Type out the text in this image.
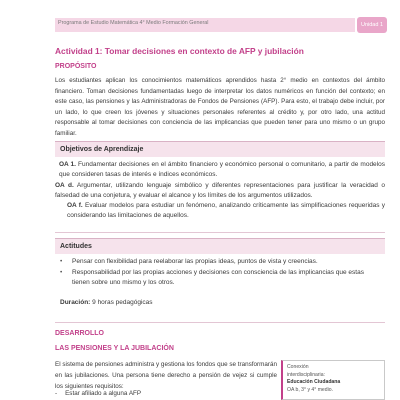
Programa de Estudio Matemática 4° Medio Formación General	Unidad 1
Actividad 1: Tomar decisiones en contexto de AFP y jubilación
PROPÓSITO
Los estudiantes aplican los conocimientos matemáticos aprendidos hasta 2° medio en contextos del ámbito financiero. Toman decisiones fundamentadas luego de interpretar los datos numéricos en función del contexto; en este caso, las pensiones y las Administradoras de Fondos de Pensiones (AFP). Para esto, el trabajo debe incluir, por un lado, lo que creen los jóvenes y situaciones personales referentes al crédito y, por otro lado, una actitud responsable al tomar decisiones con conciencia de las implicancias que pueden tener para uno mismo o un grupo familiar.
Objetivos de Aprendizaje
OA 1. Fundamentar decisiones en el ámbito financiero y económico personal o comunitario, a partir de modelos que consideren tasas de interés e índices económicos.
OA d. Argumentar, utilizando lenguaje simbólico y diferentes representaciones para justificar la veracidad o falsedad de una conjetura, y evaluar el alcance y los límites de los argumentos utilizados.
OA f. Evaluar modelos para estudiar un fenómeno, analizando críticamente las simplificaciones requeridas y considerando las limitaciones de aquellos.
Actitudes
• Pensar con flexibilidad para reelaborar las propias ideas, puntos de vista y creencias.
• Responsabilidad por las propias acciones y decisiones con consciencia de las implicancias que estas tienen sobre uno mismo y los otros.
Duración: 9 horas pedagógicas
DESARROLLO
LAS PENSIONES Y LA JUBILACIÓN
El sistema de pensiones administra y gestiona los fondos que se transformarán en las jubilaciones. Una persona tiene derecho a pensión de vejez si cumple los siguientes requisitos:
- Estar afiliado a alguna AFP
Conexión
interdisciplinaria:
Educación Ciudadana
OA b, 3° y 4° medio.
